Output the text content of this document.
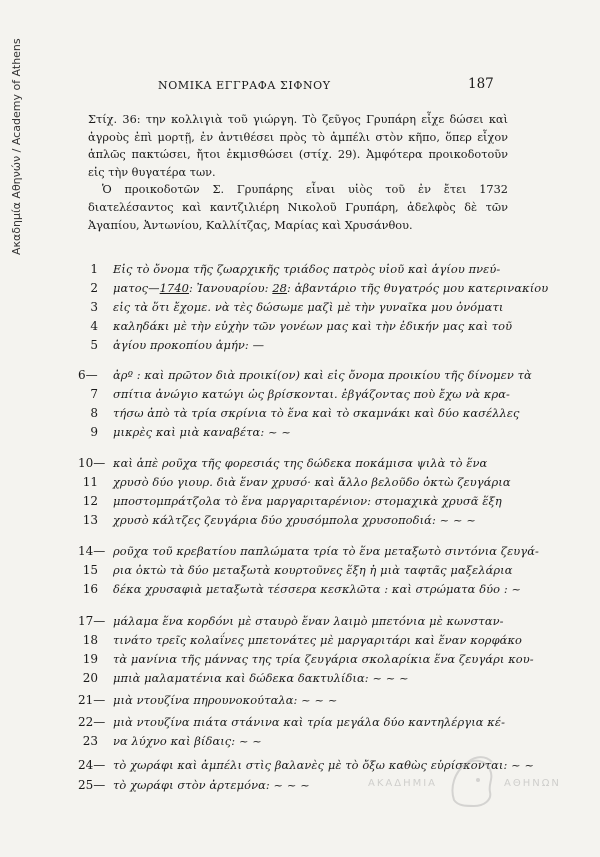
Ακαδημία Αθηνών / Academy of Athens	ΝΟΜΙΚΑ ΕΓΓΡΑΦΑ ΣΙΦΝΟΥ	187

Στίχ. 36: την κολλιγιὰ τοῦ γιώργη. Τὸ ζεῦγος Γρυπάρη εἶχε δώσει καὶ ἀγροὺς ἐπὶ μορτῇ, ἐν ἀντιθέσει πρὸς τὸ ἀμπέλι στὸν κῆπο, ὅπερ εἶχον ἁπλῶς πακτώσει, ἤτοι ἐκμισθώσει (στίχ. 29). Ἀμφότερα προικοδοτοῦν εἰς τὴν θυγατέρα των.

Ὁ προικοδοτῶν Σ. Γρυπάρης εἶναι υἱὸς τοῦ ἐν ἔτει 1732 διατελέσαντος καὶ καντζιλιέρη Νικολοῦ Γρυπάρη, ἀδελφὸς δὲ τῶν Ἀγαπίου, Ἀντωνίου, Καλλίτζας, Μαρίας καὶ Χρυσάνθου.

1 Εἰς τὸ ὄνομα τῆς ζωαρχικῆς τριάδος πατρὸς υἱοῦ καὶ ἁγίου πνεύ-
2 ματος—1740: Ἰανουαρίου: 28: ἀβαντάριο τῆς θυγατρός μου κατερινακίου
3 εἰς τὰ ὅτι ἔχομε. νὰ τὲς δώσωμε μαζὶ μὲ τὴν γυναῖκα μου ὀνόματι
4 καληδάκι μὲ τὴν εὐχὴν τῶν γονέων μας καὶ τὴν ἐδικήν μας καὶ τοῦ
5 ἁγίου προκοπίου ἀμήν: —
6— ἀρº : καὶ πρῶτον διὰ προικί(ον) καὶ εἰς ὄνομα προικίου τῆς δίνομεν τὰ
7 σπίτια ἀνώγιο κατώγι ὡς βρίσκονται. ἐβγάζοντας ποὺ ἔχω νὰ κρα-
8 τήσω ἀπὸ τὰ τρία σκρίνια τὸ ἕνα καὶ τὸ σκαμνάκι καὶ δύο κασέλλες
9 μικρὲς καὶ μιὰ καναβέτα: ~ ~
10— καὶ ἀπὲ ροῦχα τῆς φορεσιάς της δώδεκα ποκάμισα ψιλὰ τὸ ἕνα
11 χρυσὸ δύο γιουρ. διὰ ἕναν χρυσό· καὶ ἄλλο βελοῦδο ὀκτὼ ζευγάρια
12 μποστομπράτζολα τὸ ἕνα μαργαριταρένιον: στομαχικὰ χρυσᾶ ἕξη
13 χρυσὸ κάλτζες ζευγάρια δύο χρυσόμπολα χρυσοποδιά: ~ ~ ~
14— ροῦχα τοῦ κρεβατίου παπλώματα τρία τὸ ἕνα μεταξωτὸ σιντόνια ζευγά-
15 ρια ὀκτὼ τὰ δύο μεταξωτὰ κουρτοῦνες ἕξη ἡ μιὰ ταφτᾶς μαξελάρια
16 δέκα χρυσαφιὰ μεταξωτὰ τέσσερα κεσκλῶτα : καὶ στρώματα δύο : ~
17— μάλαμα ἕνα κορδόνι μὲ σταυρὸ ἕναν λαιμὸ μπετόνια μὲ κωνσταν-
18 τινάτο τρεῖς κολαΐνες μπετονάτες μὲ μαργαριτάρι καὶ ἕναν κορφάκο
19 τὰ μανίνια τῆς μάννας της τρία ζευγάρια σκολαρίκια ἕνα ζευγάρι κου-
20 μπιὰ μαλαματένια καὶ δώδεκα δακτυλίδια: ~ ~ ~
21— μιὰ ντουζίνα πηρουνοκούταλα: ~ ~ ~
22— μιὰ ντουζίνα πιάτα στάνινα καὶ τρία μεγάλα δύο καντηλέργια κέ-
23 να λύχνο καὶ βίδαις: ~ ~
24— τὸ χωράφι καὶ ἀμπέλι στὶς βαλανὲς μὲ τὸ ὄξω καθὼς εὑρίσκονται: ~ ~
25— τὸ χωράφι στὸν ἀρτεμόνα: ~ ~ ~	ΑΚΑΔΗΜΙΑ	ΑΘΗΝΩΝ
